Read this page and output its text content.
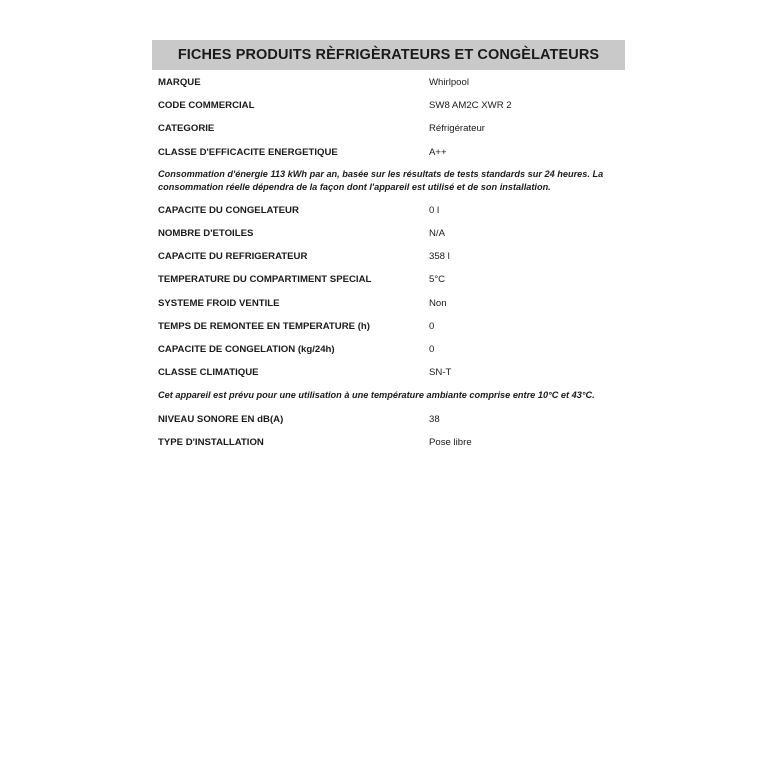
FICHES PRODUITS RÈFRIGÈRATEURS ET CONGÈLATEURS
MARQUE	Whirlpool
CODE COMMERCIAL	SW8 AM2C XWR 2
CATEGORIE	Réfrigérateur
CLASSE D'EFFICACITE ENERGETIQUE	A++
Consommation d'énergie 113 kWh par an, basée sur les résultats de tests standards sur 24 heures. La consommation réelle dépendra de la façon dont l'appareil est utilisé et de son installation.
CAPACITE DU CONGELATEUR	0 l
NOMBRE D'ETOILES	N/A
CAPACITE DU REFRIGERATEUR	358 l
TEMPERATURE DU COMPARTIMENT SPECIAL	5°C
SYSTEME FROID VENTILE	Non
TEMPS DE REMONTEE EN TEMPERATURE (h)	0
CAPACITE DE CONGELATION (kg/24h)	0
CLASSE CLIMATIQUE	SN-T
Cet appareil est prévu pour une utilisation à une température ambiante comprise entre 10°C et 43°C.
NIVEAU SONORE EN dB(A)	38
TYPE D'INSTALLATION	Pose libre
